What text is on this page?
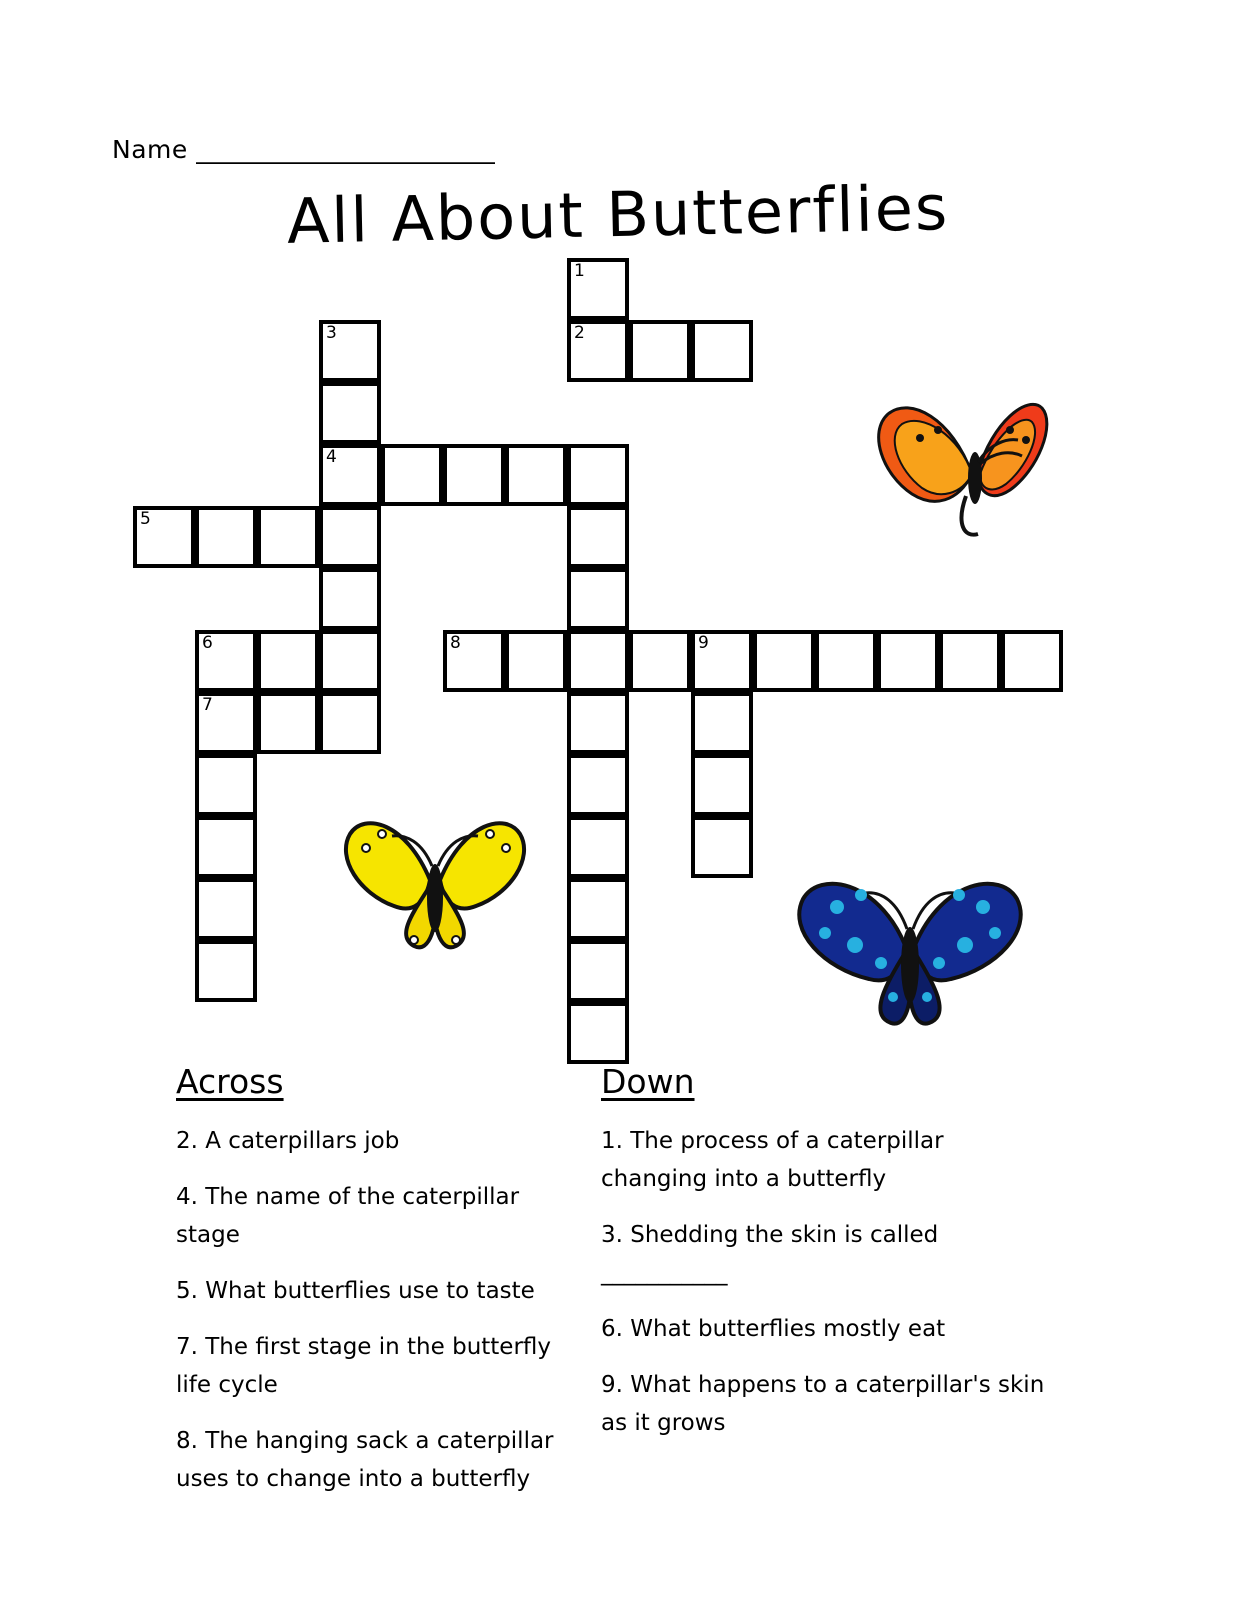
Name _______________________
All About Butterflies
1
2
3
4
5
6	8	9
7
Across	Down
2. A caterpillars job
4. The name of the caterpillar stage
5. What butterflies use to taste
7. The first stage in the butterfly life cycle
8. The hanging sack a caterpillar uses to change into a butterfly
1. The process of a caterpillar changing into a butterfly
3. Shedding the skin is called ___________
6. What butterflies mostly eat
9. What happens to a caterpillar's skin as it grows
